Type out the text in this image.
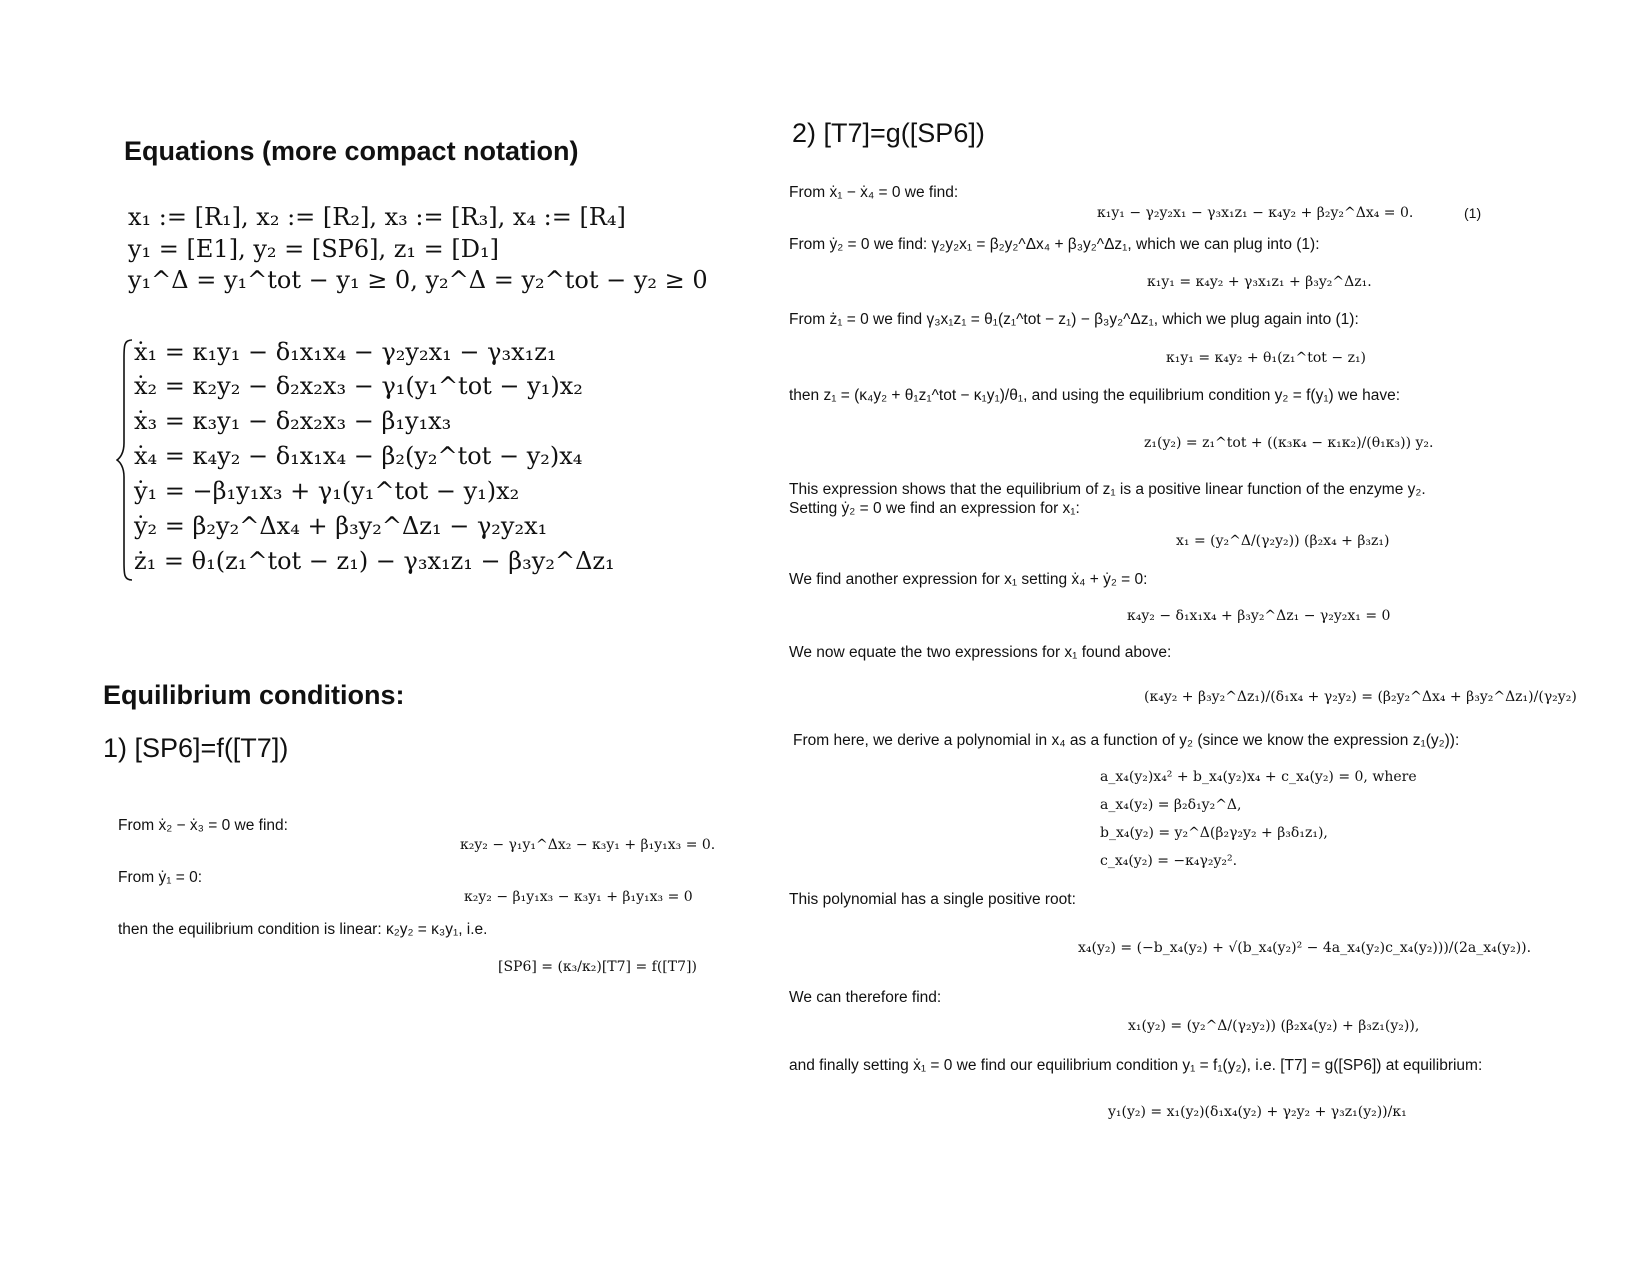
Equations (more compact notation)
x₁ := [R₁], x₂ := [R₂], x₃ := [R₃], x₄ := [R₄]
y₁ = [E1], y₂ = [SP6], z₁ = [D₁]
y₁^Δ = y₁^tot − y₁ ≥ 0, y₂^Δ = y₂^tot − y₂ ≥ 0
ẋ₁ = κ₁y₁ − δ₁x₁x₄ − γ₂y₂x₁ − γ₃x₁z₁
ẋ₂ = κ₂y₂ − δ₂x₂x₃ − γ₁(y₁^tot − y₁)x₂
ẋ₃ = κ₃y₁ − δ₂x₂x₃ − β₁y₁x₃
ẋ₄ = κ₄y₂ − δ₁x₁x₄ − β₂(y₂^tot − y₂)x₄
ẏ₁ = −β₁y₁x₃ + γ₁(y₁^tot − y₁)x₂
ẏ₂ = β₂y₂^Δx₄ + β₃y₂^Δz₁ − γ₂y₂x₁
ż₁ = θ₁(z₁^tot − z₁) − γ₃x₁z₁ − β₃y₂^Δz₁
Equilibrium conditions:
1) [SP6]=f([T7])
From ẋ₂ − ẋ₃ = 0 we find:
κ₂y₂ − γ₁y₁^Δx₂ − κ₃y₁ + β₁y₁x₃ = 0.
From ẏ₁ = 0:
κ₂y₂ − β₁y₁x₃ − κ₃y₁ + β₁y₁x₃ = 0
then the equilibrium condition is linear: κ₂y₂ = κ₃y₁, i.e.
[SP6] = (κ₃/κ₂)[T7] = f([T7])
2) [T7]=g([SP6])
From ẋ₁ − ẋ₄ = 0 we find:
κ₁y₁ − γ₂y₂x₁ − γ₃x₁z₁ − κ₄y₂ + β₂y₂^Δx₄ = 0.	(1)
From ẏ₂ = 0 we find: γ₂y₂x₁ = β₂y₂^Δx₄ + β₃y₂^Δz₁, which we can plug into (1):
κ₁y₁ = κ₄y₂ + γ₃x₁z₁ + β₃y₂^Δz₁.
From ż₁ = 0 we find γ₃x₁z₁ = θ₁(z₁^tot − z₁) − β₃y₂^Δz₁, which we plug again into (1):
κ₁y₁ = κ₄y₂ + θ₁(z₁^tot − z₁)
then z₁ = (κ₄y₂ + θ₁z₁^tot − κ₁y₁)/θ₁, and using the equilibrium condition y₂ = f(y₁) we have:
z₁(y₂) = z₁^tot + ((κ₃κ₄ − κ₁κ₂)/(θ₁κ₃)) y₂.
This expression shows that the equilibrium of z₁ is a positive linear function of the enzyme y₂.
Setting ẏ₂ = 0 we find an expression for x₁:
x₁ = (y₂^Δ/(γ₂y₂)) (β₂x₄ + β₃z₁)
We find another expression for x₁ setting ẋ₄ + ẏ₂ = 0:
κ₄y₂ − δ₁x₁x₄ + β₃y₂^Δz₁ − γ₂y₂x₁ = 0
We now equate the two expressions for x₁ found above:
(κ₄y₂ + β₃y₂^Δz₁)/(δ₁x₄ + γ₂y₂) = (β₂y₂^Δx₄ + β₃y₂^Δz₁)/(γ₂y₂)
From here, we derive a polynomial in x₄ as a function of y₂ (since we know the expression z₁(y₂)):
a_x₄(y₂)x₄² + b_x₄(y₂)x₄ + c_x₄(y₂) = 0, where
a_x₄(y₂) = β₂δ₁y₂^Δ,
b_x₄(y₂) = y₂^Δ(β₂γ₂y₂ + β₃δ₁z₁),
c_x₄(y₂) = −κ₄γ₂y₂².
This polynomial has a single positive root:
x₄(y₂) = (−b_x₄(y₂) + √(b_x₄(y₂)² − 4a_x₄(y₂)c_x₄(y₂)))/(2a_x₄(y₂)).
We can therefore find:
x₁(y₂) = (y₂^Δ/(γ₂y₂)) (β₂x₄(y₂) + β₃z₁(y₂)),
and finally setting ẋ₁ = 0 we find our equilibrium condition y₁ = f₁(y₂), i.e. [T7] = g([SP6]) at equilibrium:
y₁(y₂) = x₁(y₂)(δ₁x₄(y₂) + γ₂y₂ + γ₃z₁(y₂))/κ₁
